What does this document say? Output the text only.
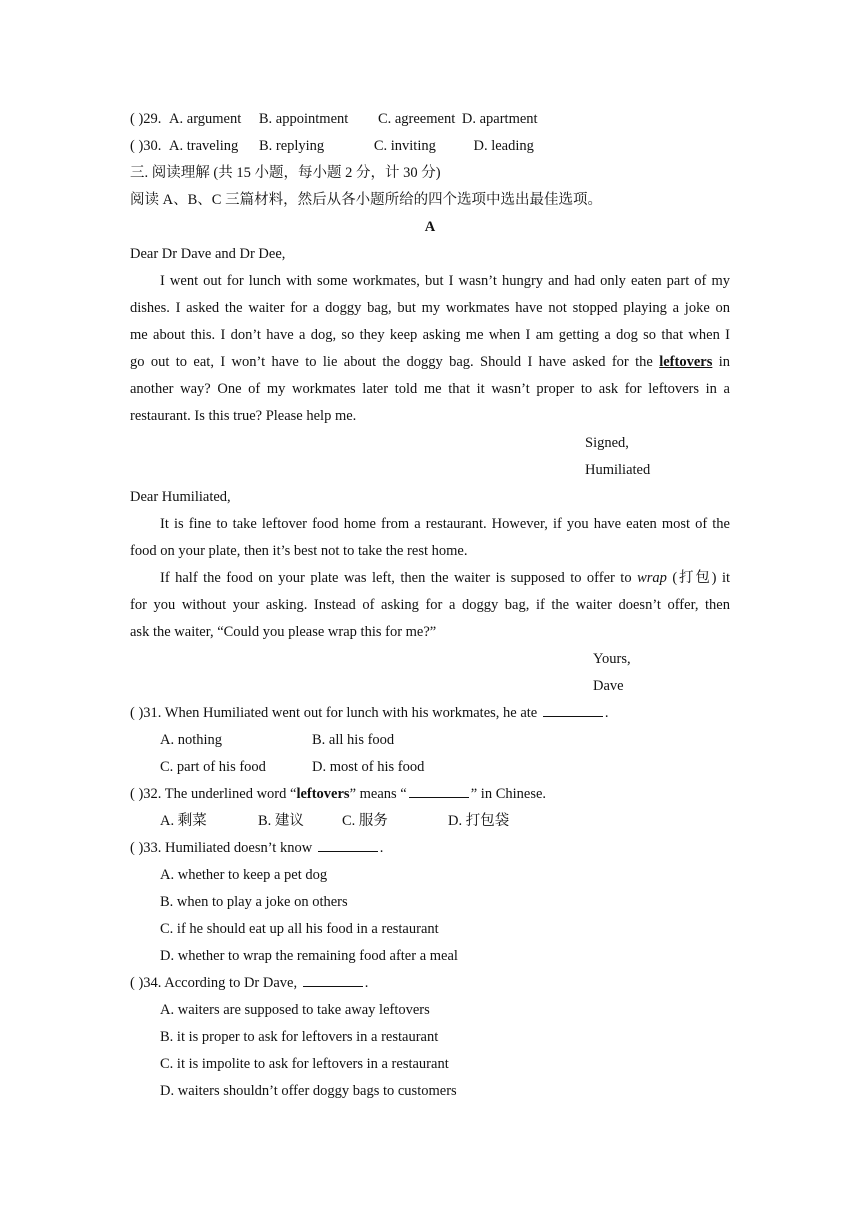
( )29. A. argument B. appointment C. agreement D. apartment
( )30. A. traveling B. replying	C. inviting	D. leading
三. 阅读理解 (共 15 小题，每小题 2 分，计 30 分)
阅读 A、B、C 三篇材料，然后从各小题所给的四个选项中选出最佳选项。
A
Dear Dr Dave and Dr Dee,
I went out for lunch with some workmates, but I wasn’t hungry and had only eaten part of my
dishes. I asked the waiter for a doggy bag, but my workmates have not stopped playing a joke on
me about this. I don’t have a dog, so they keep asking me when I am getting a dog so that when I
go out to eat, I won’t have to lie about the doggy bag. Should I have asked for the leftovers in
another way? One of my workmates later told me that it wasn’t proper to ask for leftovers in a
restaurant. Is this true? Please help me.
Signed,
Humiliated
Dear Humiliated,
It is fine to take leftover food home from a restaurant. However, if you have eaten most of the
food on your plate, then it’s best not to take the rest home.
If half the food on your plate was left, then the waiter is supposed to offer to wrap (打包) it
for you without your asking. Instead of asking for a doggy bag, if the waiter doesn’t offer, then
ask the waiter, “Could you please wrap this for me?”
Yours,
Dave
( )31. When Humiliated went out for lunch with his workmates, he ate	.
A. nothing	B. all his food
C. part of his food	D. most of his food
( )32. The underlined word “leftovers” means “	” in Chinese.
A. 剩菜	B. 建议	C. 服务	D. 打包袋
( )33. Humiliated doesn’t know	.
A. whether to keep a pet dog
B. when to play a joke on others
C. if he should eat up all his food in a restaurant
D. whether to wrap the remaining food after a meal
( )34. According to Dr Dave,	.
A. waiters are supposed to take away leftovers
B. it is proper to ask for leftovers in a restaurant
C. it is impolite to ask for leftovers in a restaurant
D. waiters shouldn’t offer doggy bags to customers
